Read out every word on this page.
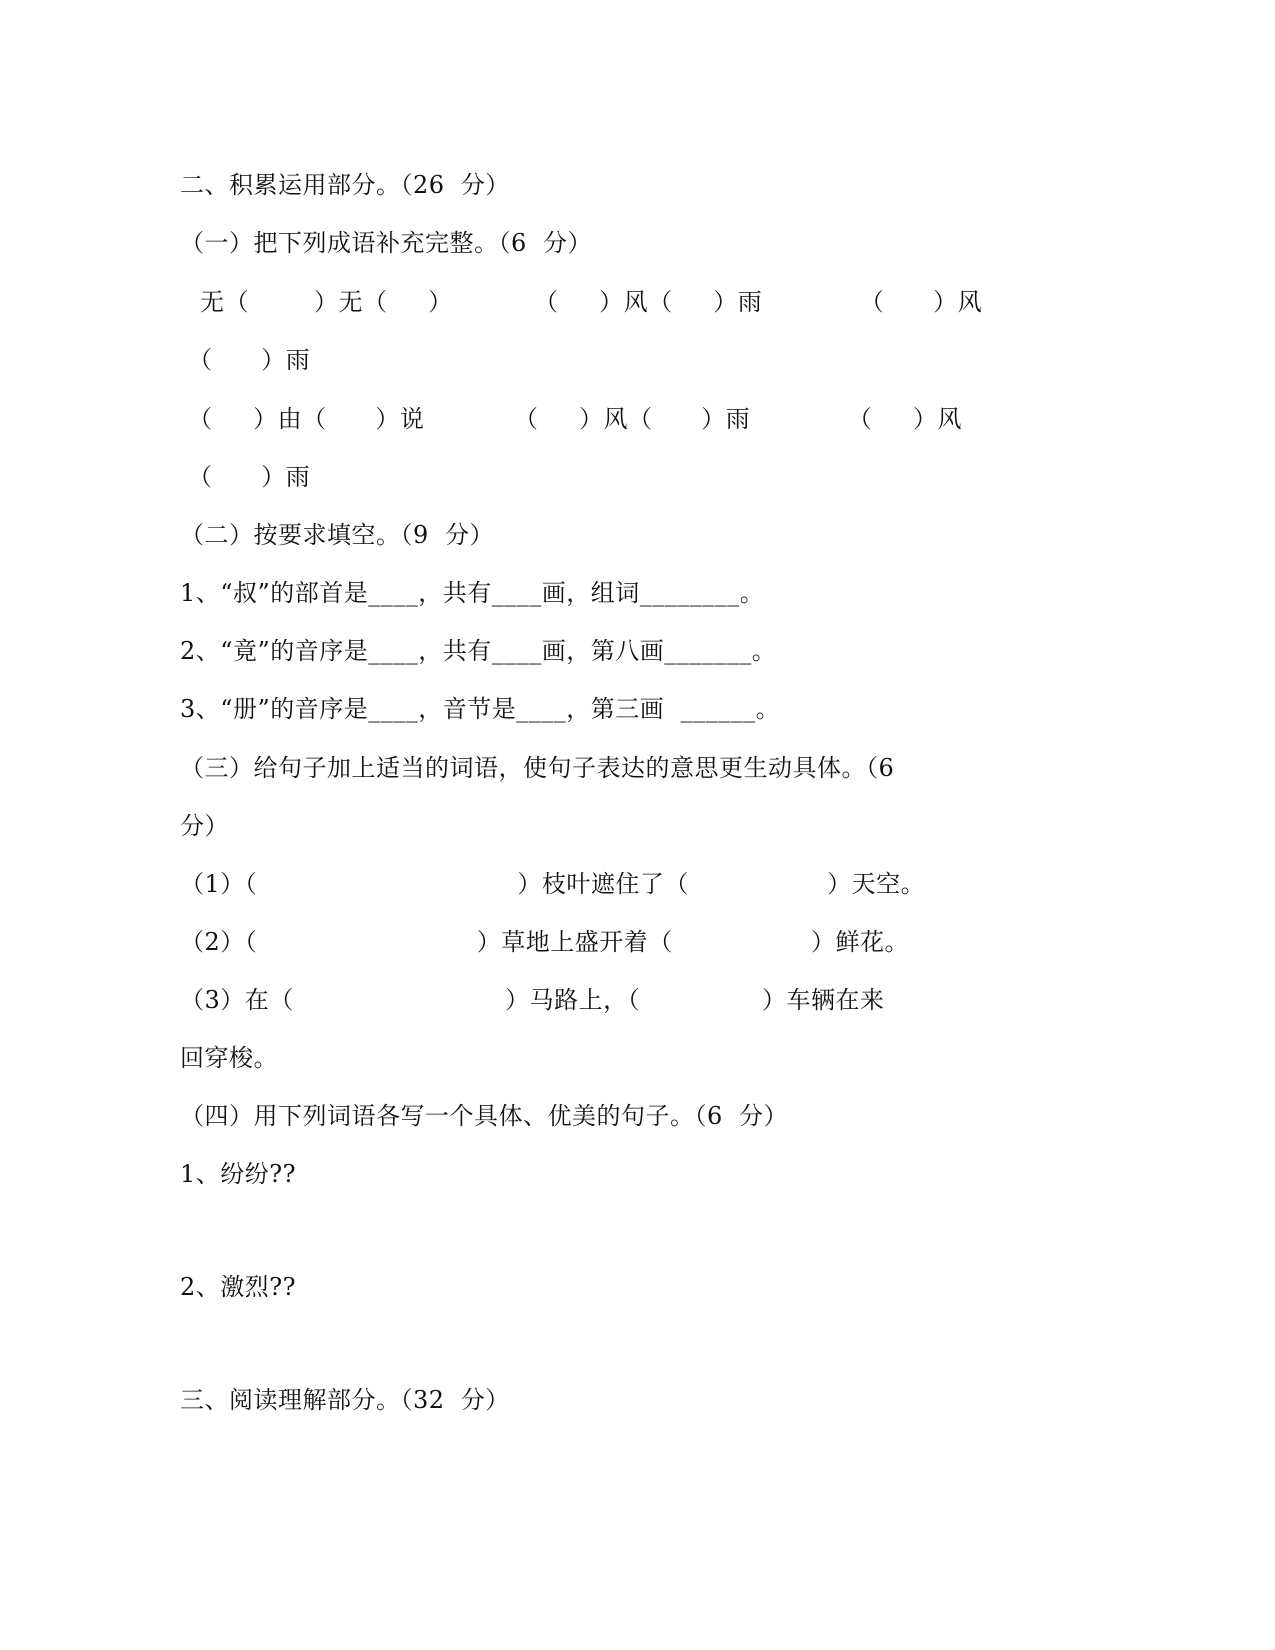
二、积累运用部分。（26  分）
（一）把下列成语补充完整。（6  分）
无（        ）无（     ）          （     ）风（     ）雨            （      ）风
（      ）雨
（     ）由（      ）说           （     ）风（      ）雨            （     ）风
（      ）雨
（二）按要求填空。（9  分）
1、“叔”的部首是____，共有____画，组词________。
2、“竟”的音序是____，共有____画，第八画_______。
3、“册”的音序是____，音节是____，第三画  ______。
（三）给句子加上适当的词语，使句子表达的意思更生动具体。（6
分）
（1）（                                ）枝叶遮住了（                 ）天空。
（2）（                           ）草地上盛开着（                 ）鲜花。
（3）在（                          ）马路上，（               ）车辆在来
回穿梭。
（四）用下列词语各写一个具体、优美的句子。（6  分）
1、纷纷??
2、激烈??
三、阅读理解部分。（32  分）
